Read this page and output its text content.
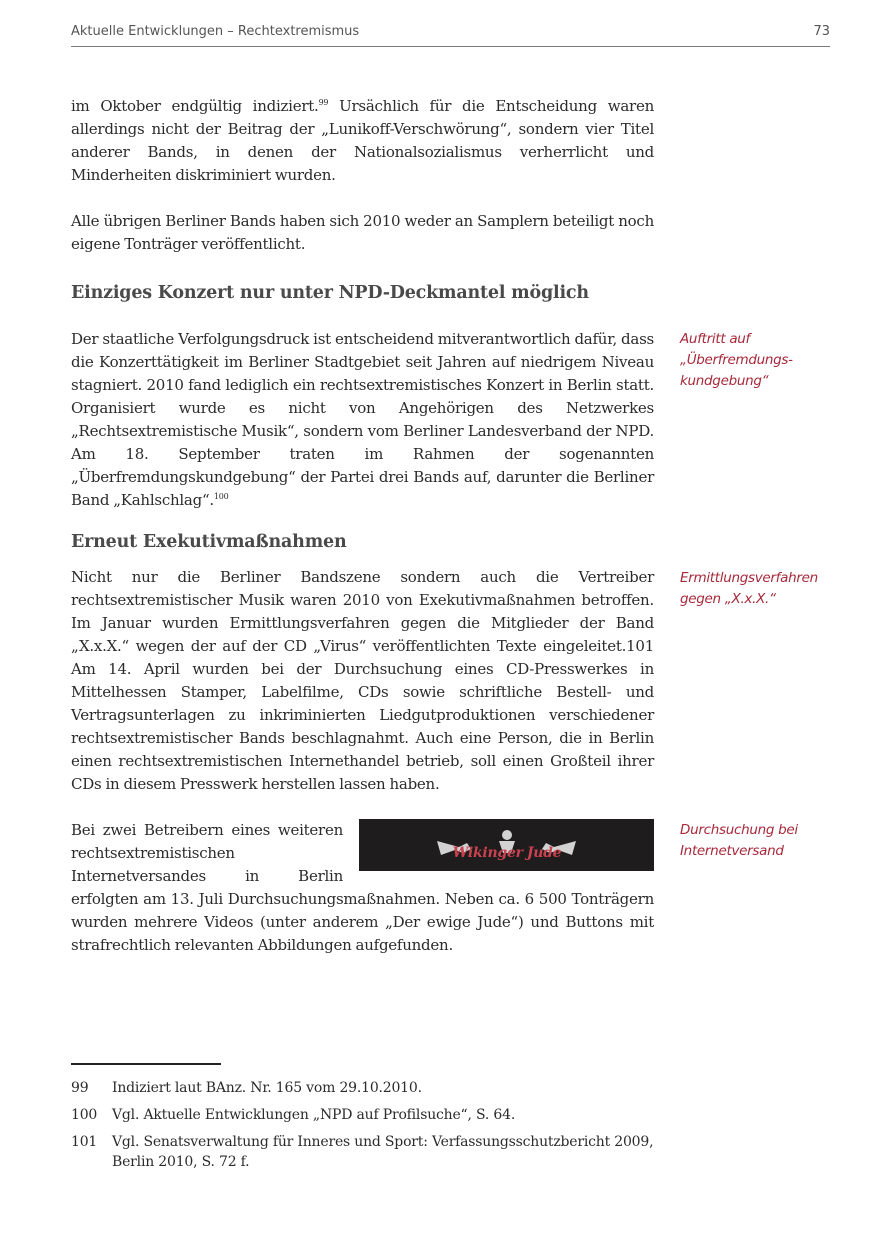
Aktuelle Entwicklungen – Rechtextremismus	73

im Oktober endgültig indiziert.$^{99}$ Ursächlich für die Entscheidung waren allerdings nicht der Beitrag der „Lunikoff-Verschwörung“, sondern vier Titel anderer Bands, in denen der Nationalsozialismus verherrlicht und Minderheiten diskriminiert wurden.

Alle übrigen Berliner Bands haben sich 2010 weder an Samplern beteiligt noch eigene Tonträger veröffentlicht.

Einziges Konzert nur unter NPD-Deckmantel möglich

Der staatliche Verfolgungsdruck ist entscheidend mitverantwortlich dafür, dass die Konzerttätigkeit im Berliner Stadtgebiet seit Jahren auf niedrigem Niveau stagniert. 2010 fand lediglich ein rechtsextremistisches Konzert in Berlin statt. Organisiert wurde es nicht von Angehörigen des Netzwerkes „Rechtsextremistische Musik“, sondern vom Berliner Landesverband der NPD. Am 18. September traten im Rahmen der sogenannten „Überfremdungskundgebung“ der Partei drei Bands auf, darunter die Berliner Band „Kahlschlag“.$^{100}$

Erneut Exekutivmaßnahmen

Nicht nur die Berliner Bandszene sondern auch die Vertreiber rechtsextremistischer Musik waren 2010 von Exekutivmaßnahmen betroffen. Im Januar wurden Ermittlungsverfahren gegen die Mitglieder der Band „X.x.X.“ wegen der auf der CD „Virus“ veröffentlichten Texte eingeleitet.101 Am 14. April wurden bei der Durchsuchung eines CD-Presswerkes in Mittelhessen Stamper, Labelfilme, CDs sowie schriftliche Bestell- und Vertragsunterlagen zu inkriminierten Liedgutproduktionen verschiedener rechtsextremistischer Bands beschlagnahmt. Auch eine Person, die in Berlin einen rechtsextremistischen Internethandel betrieb, soll einen Großteil ihrer CDs in diesem Presswerk herstellen lassen haben.

Wikinger Jude

Bei zwei Betreibern eines weiteren rechtsextremistischen Internetversandes in Berlin erfolgten am 13. Juli Durchsuchungsmaßnahmen. Neben ca. 6 500 Tonträgern wurden mehrere Videos (unter anderem „Der ewige Jude“) und Buttons mit strafrechtlich relevanten Abbildungen aufgefunden.

Auftritt auf „Überfremdungs-kundgebung“
Ermittlungsverfahren gegen „X.x.X.“
Durchsuchung bei Internetversand
99 Indiziert laut BAnz. Nr. 165 vom 29.10.2010.
100 Vgl. Aktuelle Entwicklungen „NPD auf Profilsuche“, S. 64.
101 Vgl. Senatsverwaltung für Inneres und Sport: Verfassungsschutzbericht 2009, Berlin 2010, S. 72 f.
